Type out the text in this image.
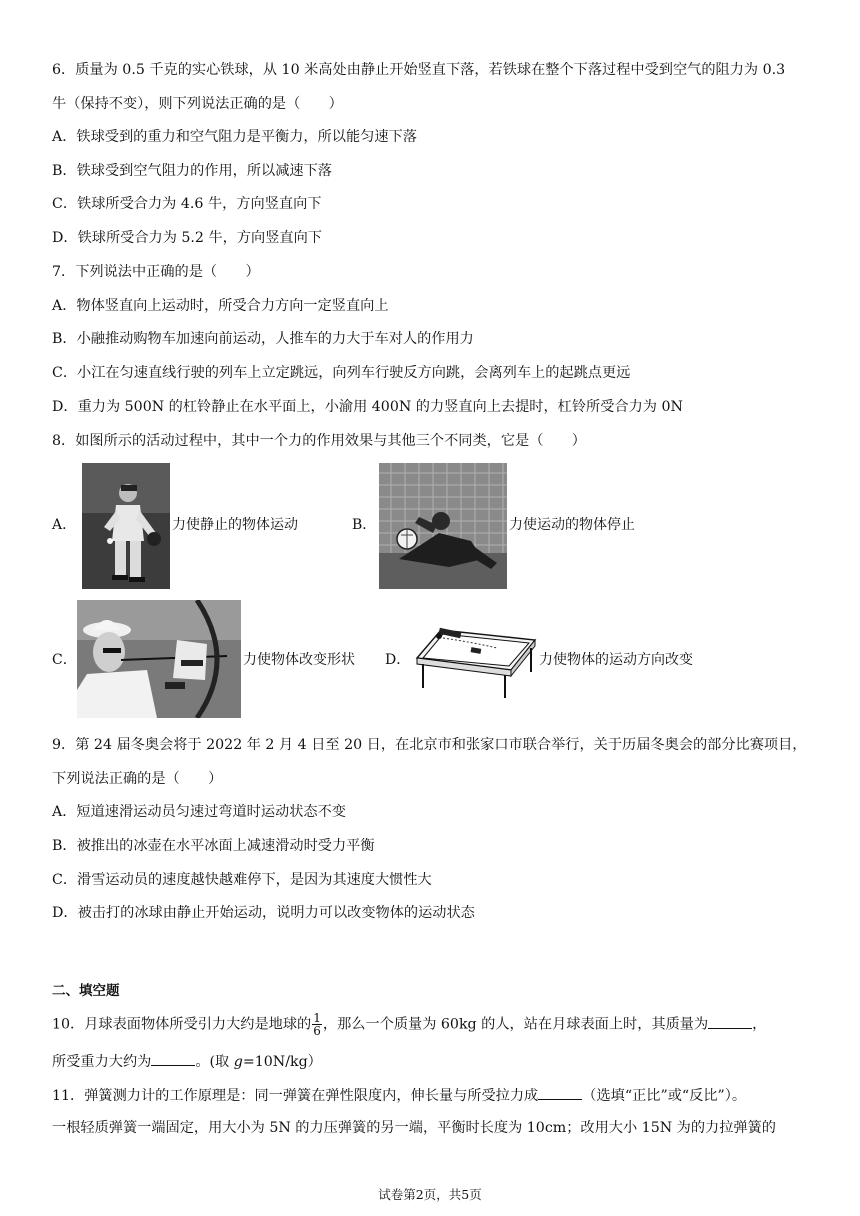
6．质量为 0.5 千克的实心铁球，从 10 米高处由静止开始竖直下落，若铁球在整个下落过程中受到空气的阻力为 0.3
牛（保持不变），则下列说法正确的是（　　）
A．铁球受到的重力和空气阻力是平衡力，所以能匀速下落
B．铁球受到空气阻力的作用，所以减速下落
C．铁球所受合力为 4.6 牛，方向竖直向下
D．铁球所受合力为 5.2 牛，方向竖直向下
7．下列说法中正确的是（　　）
A．物体竖直向上运动时，所受合力方向一定竖直向上
B．小融推动购物车加速向前运动，人推车的力大于车对人的作用力
C．小江在匀速直线行驶的列车上立定跳远，向列车行驶反方向跳，会离列车上的起跳点更远
D．重力为 500N 的杠铃静止在水平面上，小渝用 400N 的力竖直向上去提时，杠铃所受合力为 0N
8．如图所示的活动过程中，其中一个力的作用效果与其他三个不同类，它是（　　）
A．	力使静止的物体运动	B．	力使运动的物体停止
C．	力使物体改变形状 D．	力使物体的运动方向改变
9．第 24 届冬奥会将于 2022 年 2 月 4 日至 20 日，在北京市和张家口市联合举行，关于历届冬奥会的部分比赛项目，
下列说法正确的是（　　）
A．短道速滑运动员匀速过弯道时运动状态不变
B．被推出的冰壶在水平冰面上减速滑动时受力平衡
C．滑雪运动员的速度越快越难停下，是因为其速度大惯性大
D．被击打的冰球由静止开始运动，说明力可以改变物体的运动状态
二、填空题
10．月球表面物体所受引力大约是地球的 $\frac{1}{6}$ ，那么一个质量为 60kg 的人，站在月球表面上时，其质量为	，
所受重力大约为	。(取 g=10N/kg）
11．弹簧测力计的工作原理是：同一弹簧在弹性限度内，伸长量与所受拉力成	（选填“正比”或“反比”）。
一根轻质弹簧一端固定，用大小为 5N 的力压弹簧的另一端，平衡时长度为 10cm；改用大小 15N 为的力拉弹簧的
试卷第2页，共5页
